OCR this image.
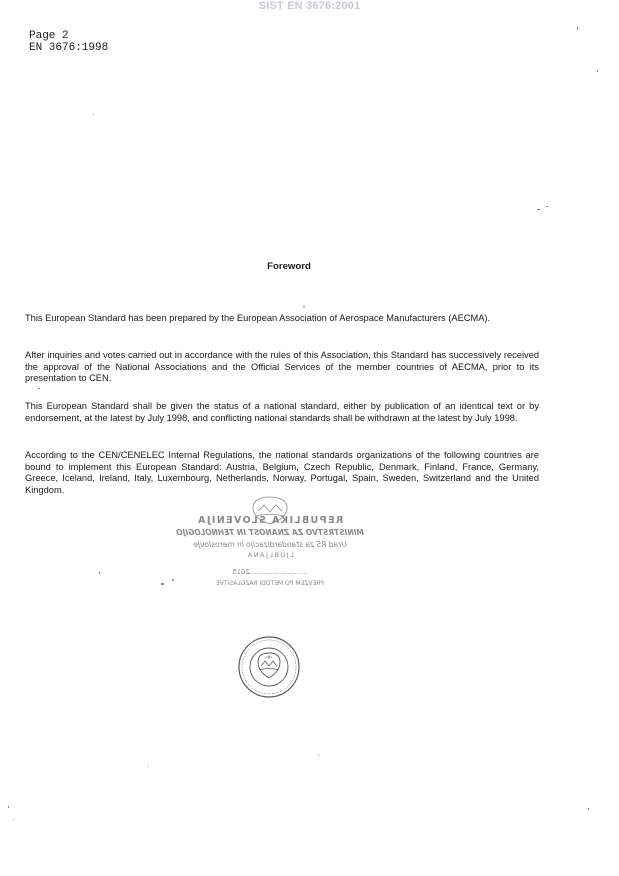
SIST EN 3676:2001
Page 2
EN 3676:1998
Foreword

This European Standard has been prepared by the European Association of Aerospace Manufacturers (AECMA).

After inquiries and votes carried out in accordance with the rules of this Association, this Standard has successively received the approval of the National Associations and the Official Services of the member countries of AECMA, prior to its presentation to CEN.

This European Standard shall be given the status of a national standard, either by publication of an identical text or by endorsement, at the latest by July 1998, and conflicting national standards shall be withdrawn at the latest by July 1998.

According to the CEN/CENELEC Internal Regulations, the national standards organizations of the following countries are bound to implement this European Standard: Austria, Belgium, Czech Republic, Denmark, Finland, France, Germany, Greece, Iceland, Ireland, Italy, Luxembourg, Netherlands, Norway, Portugal, Spain, Sweden, Switzerland and the United Kingdom.

REPUBLIKA SLOVENIJA
MINISTRSTVO ZA ZNANOST IN TEHNOLOGIJO
Urad RS za standardizacijo in meroslovje
LJUBLJANA
..........................2015
PREVZEM PO METODI RAZGLASITVE
